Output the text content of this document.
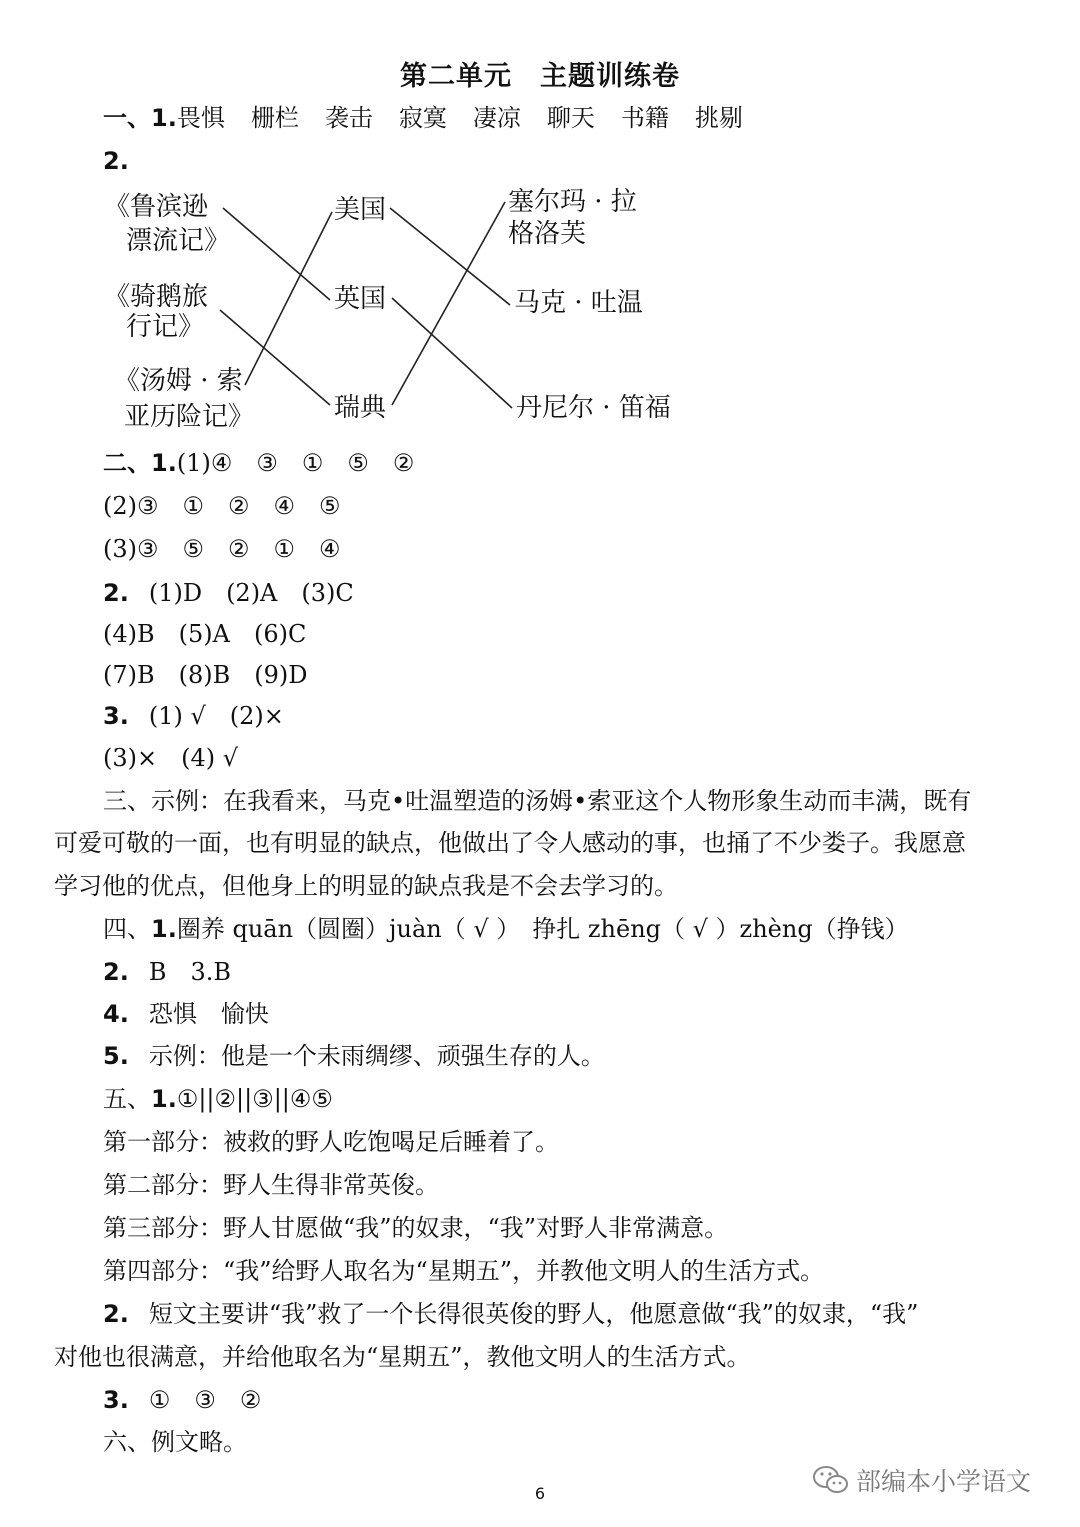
第二单元　主题训练卷
一、1.畏惧 栅栏 袭击 寂寞 凄凉 聊天 书籍 挑剔
2.
《鲁滨逊
漂流记》
《骑鹅旅
行记》
《汤姆 · 索
亚历险记》
美国
英国
瑞典
塞尔玛 · 拉
格洛芙
马克 · 吐温
丹尼尔 · 笛福
二、1.(1)④　③　①　⑤　②
(2)③　①　②　④　⑤
(3)③　⑤　②　①　④
2. (1)D　(2)A　(3)C
(4)B　(5)A　(6)C
(7)B　(8)B　(9)D
3. (1) √　(2)×
(3)×　(4) √
三、示例：在我看来，马克•吐温塑造的汤姆•索亚这个人物形象生动而丰满，既有
可爱可敬的一面，也有明显的缺点，他做出了令人感动的事，也捅了不少娄子。我愿意
学习他的优点，但他身上的明显的缺点我是不会去学习的。
四、1.圈养 quān（圆圈）juàn（ √ ）　挣扎 zhēng（ √ ）zhèng（挣钱）
2. B　3.B
4. 恐惧　愉快
5. 示例：他是一个未雨绸缪、顽强生存的人。
五、1.①||②||③||④⑤
第一部分：被救的野人吃饱喝足后睡着了。
第二部分：野人生得非常英俊。
第三部分：野人甘愿做“我”的奴隶，“我”对野人非常满意。
第四部分：“我”给野人取名为“星期五”，并教他文明人的生活方式。
2. 短文主要讲“我”救了一个长得很英俊的野人，他愿意做“我”的奴隶，“我”
对他也很满意，并给他取名为“星期五”，教他文明人的生活方式。
3. ①　③　②
六、例文略。
部编本小学语文
6
